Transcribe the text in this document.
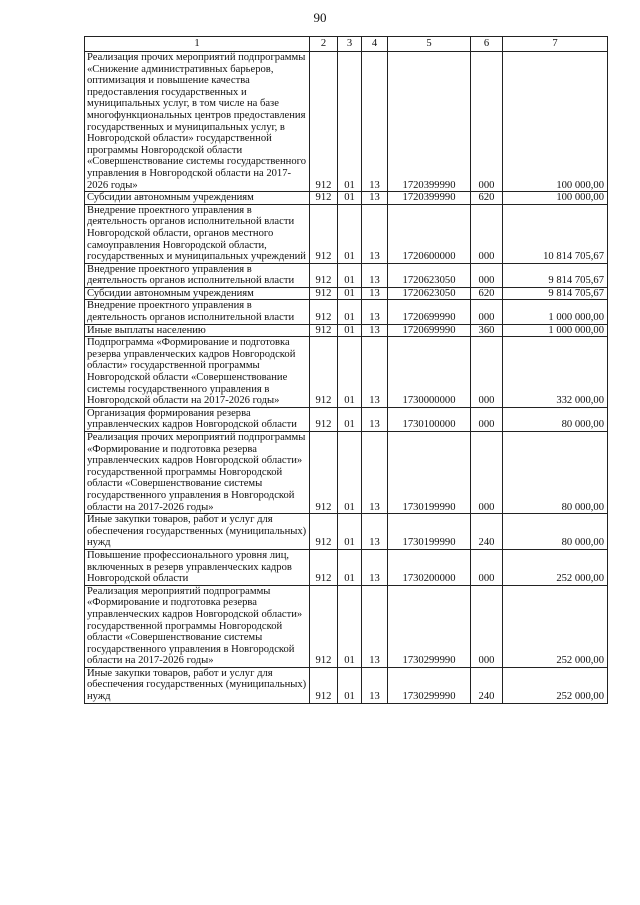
90
1	2	3	4	5	6	7
Реализация прочих мероприятий подпрограммы «Снижение административных барьеров, оптимизация и повышение качества предоставления государственных и муниципальных услуг, в том числе на базе многофункциональных центров предоставления государственных и муниципальных услуг, в Новгородской области» государственной программы Новгородской области «Совершенствование системы государственного управления в Новгородской области на 2017-2026 годы»	912	01	13	1720399990	000	100 000,00
Субсидии автономным учреждениям	912	01	13	1720399990	620	100 000,00
Внедрение проектного управления в деятельность органов исполнительной власти Новгородской области, органов местного самоуправления Новгородской области, государственных и муниципальных учреждений	912	01	13	1720600000	000	10 814 705,67
Внедрение проектного управления в деятельность органов исполнительной власти	912	01	13	1720623050	000	9 814 705,67
Субсидии автономным учреждениям	912	01	13	1720623050	620	9 814 705,67
Внедрение проектного управления в деятельность органов исполнительной власти	912	01	13	1720699990	000	1 000 000,00
Иные выплаты населению	912	01	13	1720699990	360	1 000 000,00
Подпрограмма «Формирование и подготовка резерва управленческих кадров Новгородской области» государственной программы Новгородской области «Совершенствование системы государственного управления в Новгородской области на 2017-2026 годы»	912	01	13	1730000000	000	332 000,00
Организация формирования резерва управленческих кадров Новгородской области	912	01	13	1730100000	000	80 000,00
Реализация прочих мероприятий подпрограммы «Формирование и подготовка резерва управленческих кадров Новгородской области» государственной программы Новгородской области «Совершенствование системы государственного управления в Новгородской области на 2017-2026 годы»	912	01	13	1730199990	000	80 000,00
Иные закупки товаров, работ и услуг для обеспечения государственных (муниципальных) нужд	912	01	13	1730199990	240	80 000,00
Повышение профессионального уровня лиц, включенных в резерв управленческих кадров Новгородской области	912	01	13	1730200000	000	252 000,00
Реализация мероприятий подпрограммы «Формирование и подготовка резерва управленческих кадров Новгородской области» государственной программы Новгородской области «Совершенствование системы государственного управления в Новгородской области на 2017-2026 годы»	912	01	13	1730299990	000	252 000,00
Иные закупки товаров, работ и услуг для обеспечения государственных (муниципальных) нужд	912	01	13	1730299990	240	252 000,00
